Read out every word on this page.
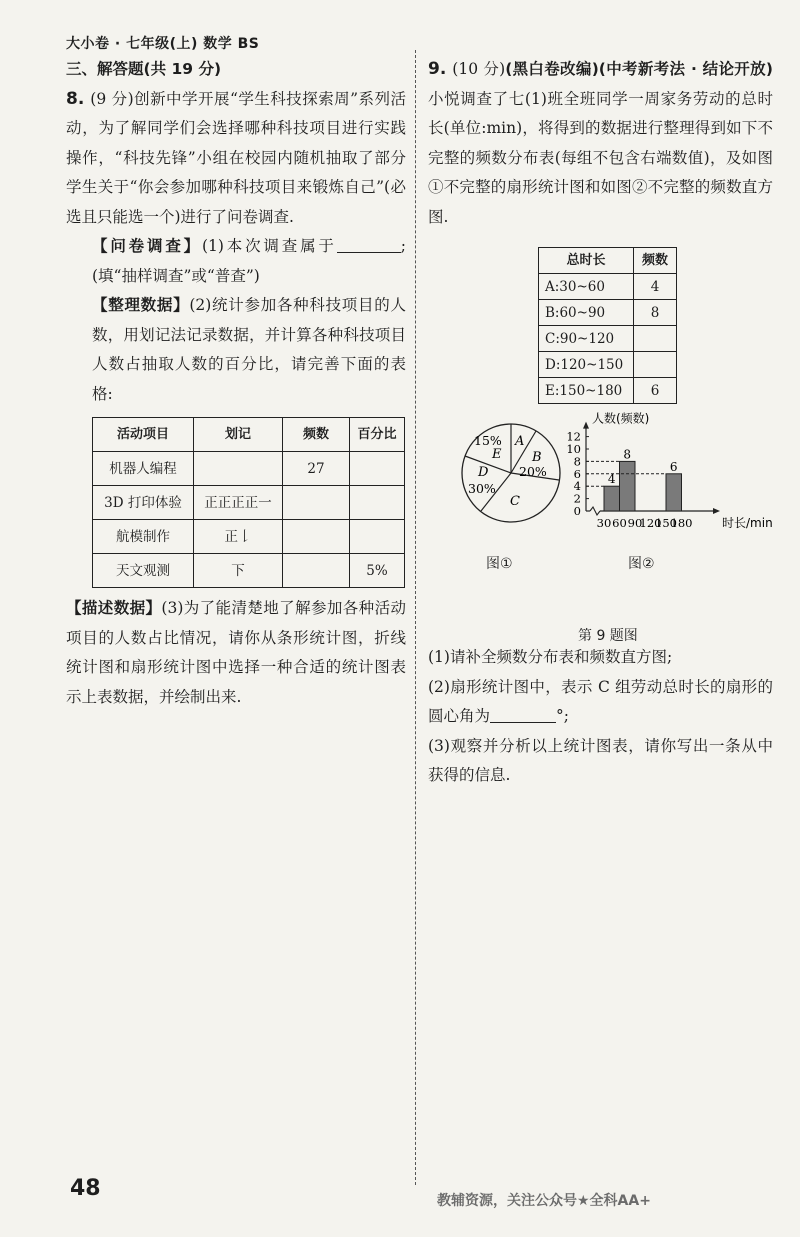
大小卷 · 七年级(上) 数学 BS
三、解答题(共 19 分)
8. (9 分)创新中学开展“学生科技探索周”系列活动，为了解同学们会选择哪种科技项目进行实践操作，“科技先锋”小组在校园内随机抽取了部分学生关于“你会参加哪种科技项目来锻炼自己”(必选且只能选一个)进行了问卷调查.
【问卷调查】(1)本次调查属于	;(填“抽样调查”或“普查”)
【整理数据】(2)统计参加各种科技项目的人数，用划记法记录数据，并计算各种科技项目人数占抽取人数的百分比，请完善下面的表格:
活动项目	划记	频数	百分比
机器人编程		27	
3D 打印体验	正正正正一		
航模制作	正𠄌		
天文观测	下		5%
【描述数据】(3)为了能清楚地了解参加各种活动项目的人数占比情况，请你从条形统计图，折线统计图和扇形统计图中选择一种合适的统计图表示上表数据，并绘制出来.
9. (10 分)(黑白卷改编)(中考新考法 · 结论开放)小悦调查了七(1)班全班同学一周家务劳动的总时长(单位:min)，将得到的数据进行整理得到如下不完整的频数分布表(每组不包含右端数值)，及如图①不完整的扇形统计图和如图②不完整的频数直方图.
总时长	频数
A:30~60	4
B:60~90	8
C:90~120	
D:120~150	
E:150~180	6
A
B
20%
15%
E
D
30%
C	2
4
6
8
10
12
0
人数(频数)
30 60 90
120
150
180 时长/min
4
8
6
图①	图②
第 9 题图
(1)请补全频数分布表和频数直方图;
(2)扇形统计图中，表示 C 组劳动总时长的扇形的圆心角为	°;
(3)观察并分析以上统计图表，请你写出一条从中获得的信息.
48	教辅资源，关注公众号★全科AA+
